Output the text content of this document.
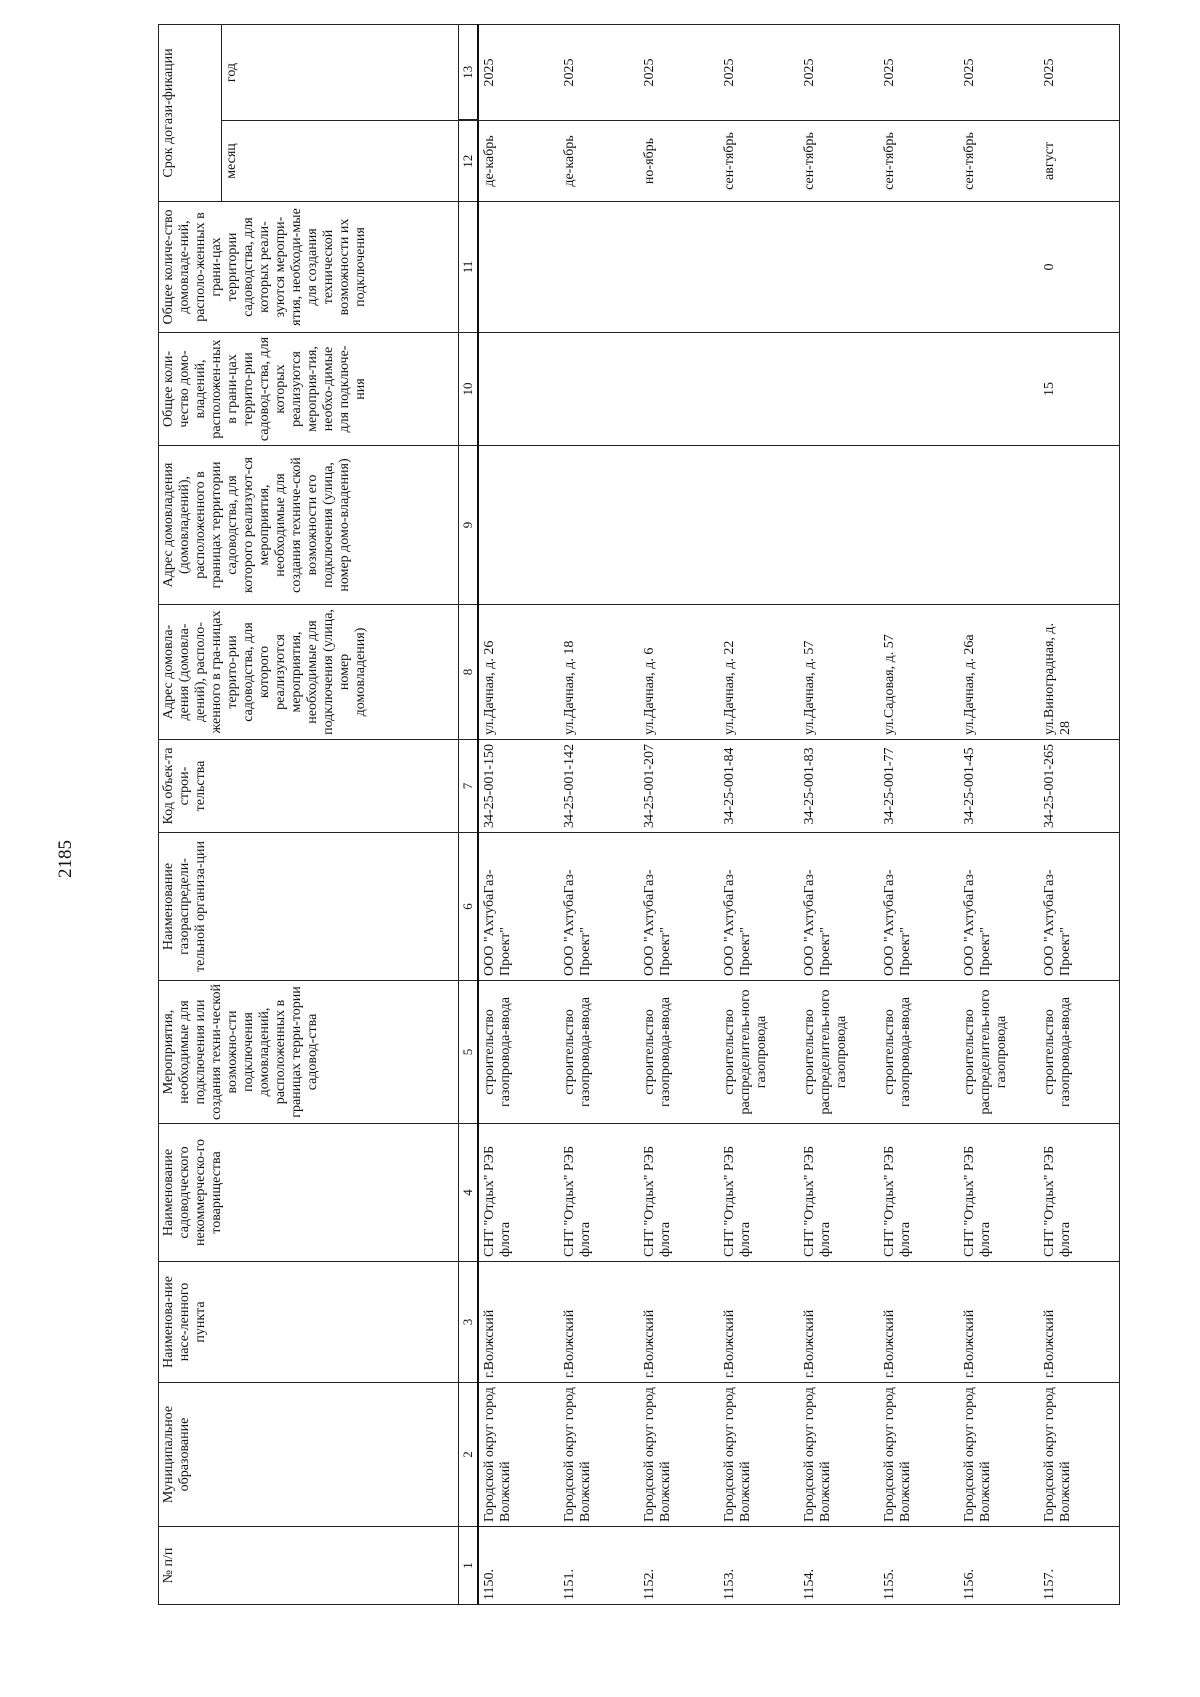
2185
№ п/п	Муниципальное образование	Наименова-ние насе-ленного пункта	Наименование садоводческого некоммерческо-го товарищества	Мероприятия, необходимые для подключения или создания техни-ческой возможно-сти подключения домовладений, расположенных в границах терри-тории садовод-ства	Наименование газораспредели-тельной организа-ции	Код объек-та строи-тельства	Адрес домовла-дения (домовла-дений), располо-женного в гра-ницах террито-рии садоводства, для которого реализуются мероприятия, необходимые для подключения (улица, номер домовладения)	Адрес домовладения (домовладений), расположенного в границах территории садоводства, для которого реализуют-ся мероприятия, необходимые для создания техниче-ской возможности его подключения (улица, номер домо-владения)	Общее коли-чество домо-владений, расположен-ных в грани-цах террито-рии садовод-ства, для которых реализуются мероприя-тия, необхо-димые для подключе-ния	Общее количе-ство домовладе-ний, располо-женных в грани-цах территории садоводства, для которых реали-зуются меропри-ятия, необходи-мые для создания технической возможности их подключения	Срок догази-фикации	
											месяц	год
1	2	3	4	5	6	7	8	9	10	11	12	13
1150.	Городской округ город Волжский	г.Волжский	СНТ "Отдых" РЭБ флота	строительство газопровода-ввода	ООО "АхтубаГаз-Проект"	34-25-001-150	ул.Дачная, д. 26				де-кабрь	2025
1151.	Городской округ город Волжский	г.Волжский	СНТ "Отдых" РЭБ флота	строительство газопровода-ввода	ООО "АхтубаГаз-Проект"	34-25-001-142	ул.Дачная, д. 18				де-кабрь	2025
1152.	Городской округ город Волжский	г.Волжский	СНТ "Отдых" РЭБ флота	строительство газопровода-ввода	ООО "АхтубаГаз-Проект"	34-25-001-207	ул.Дачная, д. 6				но-ябрь	2025
1153.	Городской округ город Волжский	г.Волжский	СНТ "Отдых" РЭБ флота	строительство распределитель-ного газопровода	ООО "АхтубаГаз-Проект"	34-25-001-84	ул.Дачная, д. 22				сен-тябрь	2025
1154.	Городской округ город Волжский	г.Волжский	СНТ "Отдых" РЭБ флота	строительство распределитель-ного газопровода	ООО "АхтубаГаз-Проект"	34-25-001-83	ул.Дачная, д. 57				сен-тябрь	2025
1155.	Городской округ город Волжский	г.Волжский	СНТ "Отдых" РЭБ флота	строительство газопровода-ввода	ООО "АхтубаГаз-Проект"	34-25-001-77	ул.Садовая, д. 57				сен-тябрь	2025
1156.	Городской округ город Волжский	г.Волжский	СНТ "Отдых" РЭБ флота	строительство распределитель-ного газопровода	ООО "АхтубаГаз-Проект"	34-25-001-45	ул.Дачная, д. 26а				сен-тябрь	2025
1157.	Городской округ город Волжский	г.Волжский	СНТ "Отдых" РЭБ флота	строительство газопровода-ввода	ООО "АхтубаГаз-Проект"	34-25-001-265	ул.Виноградная, д. 28		15	0	август	2025
